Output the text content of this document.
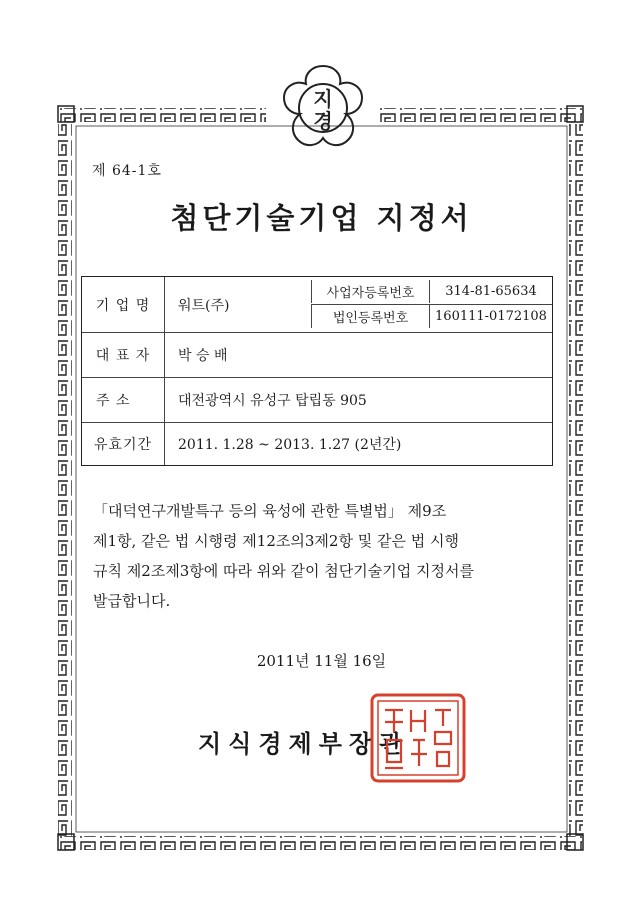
지
경
제 64-1호
첨단기술기업 지정서
기 업 명	워트(주)
사업자등록번호	314-81-65634
법인등록번호	160111-0172108
대 표 자	박 승 배
주 소	대전광역시 유성구 탑립동 905
유효기간	2011. 1.28 ~ 2013. 1.27 (2년간)
「대덕연구개발특구 등의 육성에 관한 특별법」 제9조
제1항, 같은 법 시행령 제12조의3제2항 및 같은 법 시행
규칙 제2조제3항에 따라 위와 같이 첨단기술기업 지정서를
발급합니다.
2011년 11월 16일
지식경제부장관
